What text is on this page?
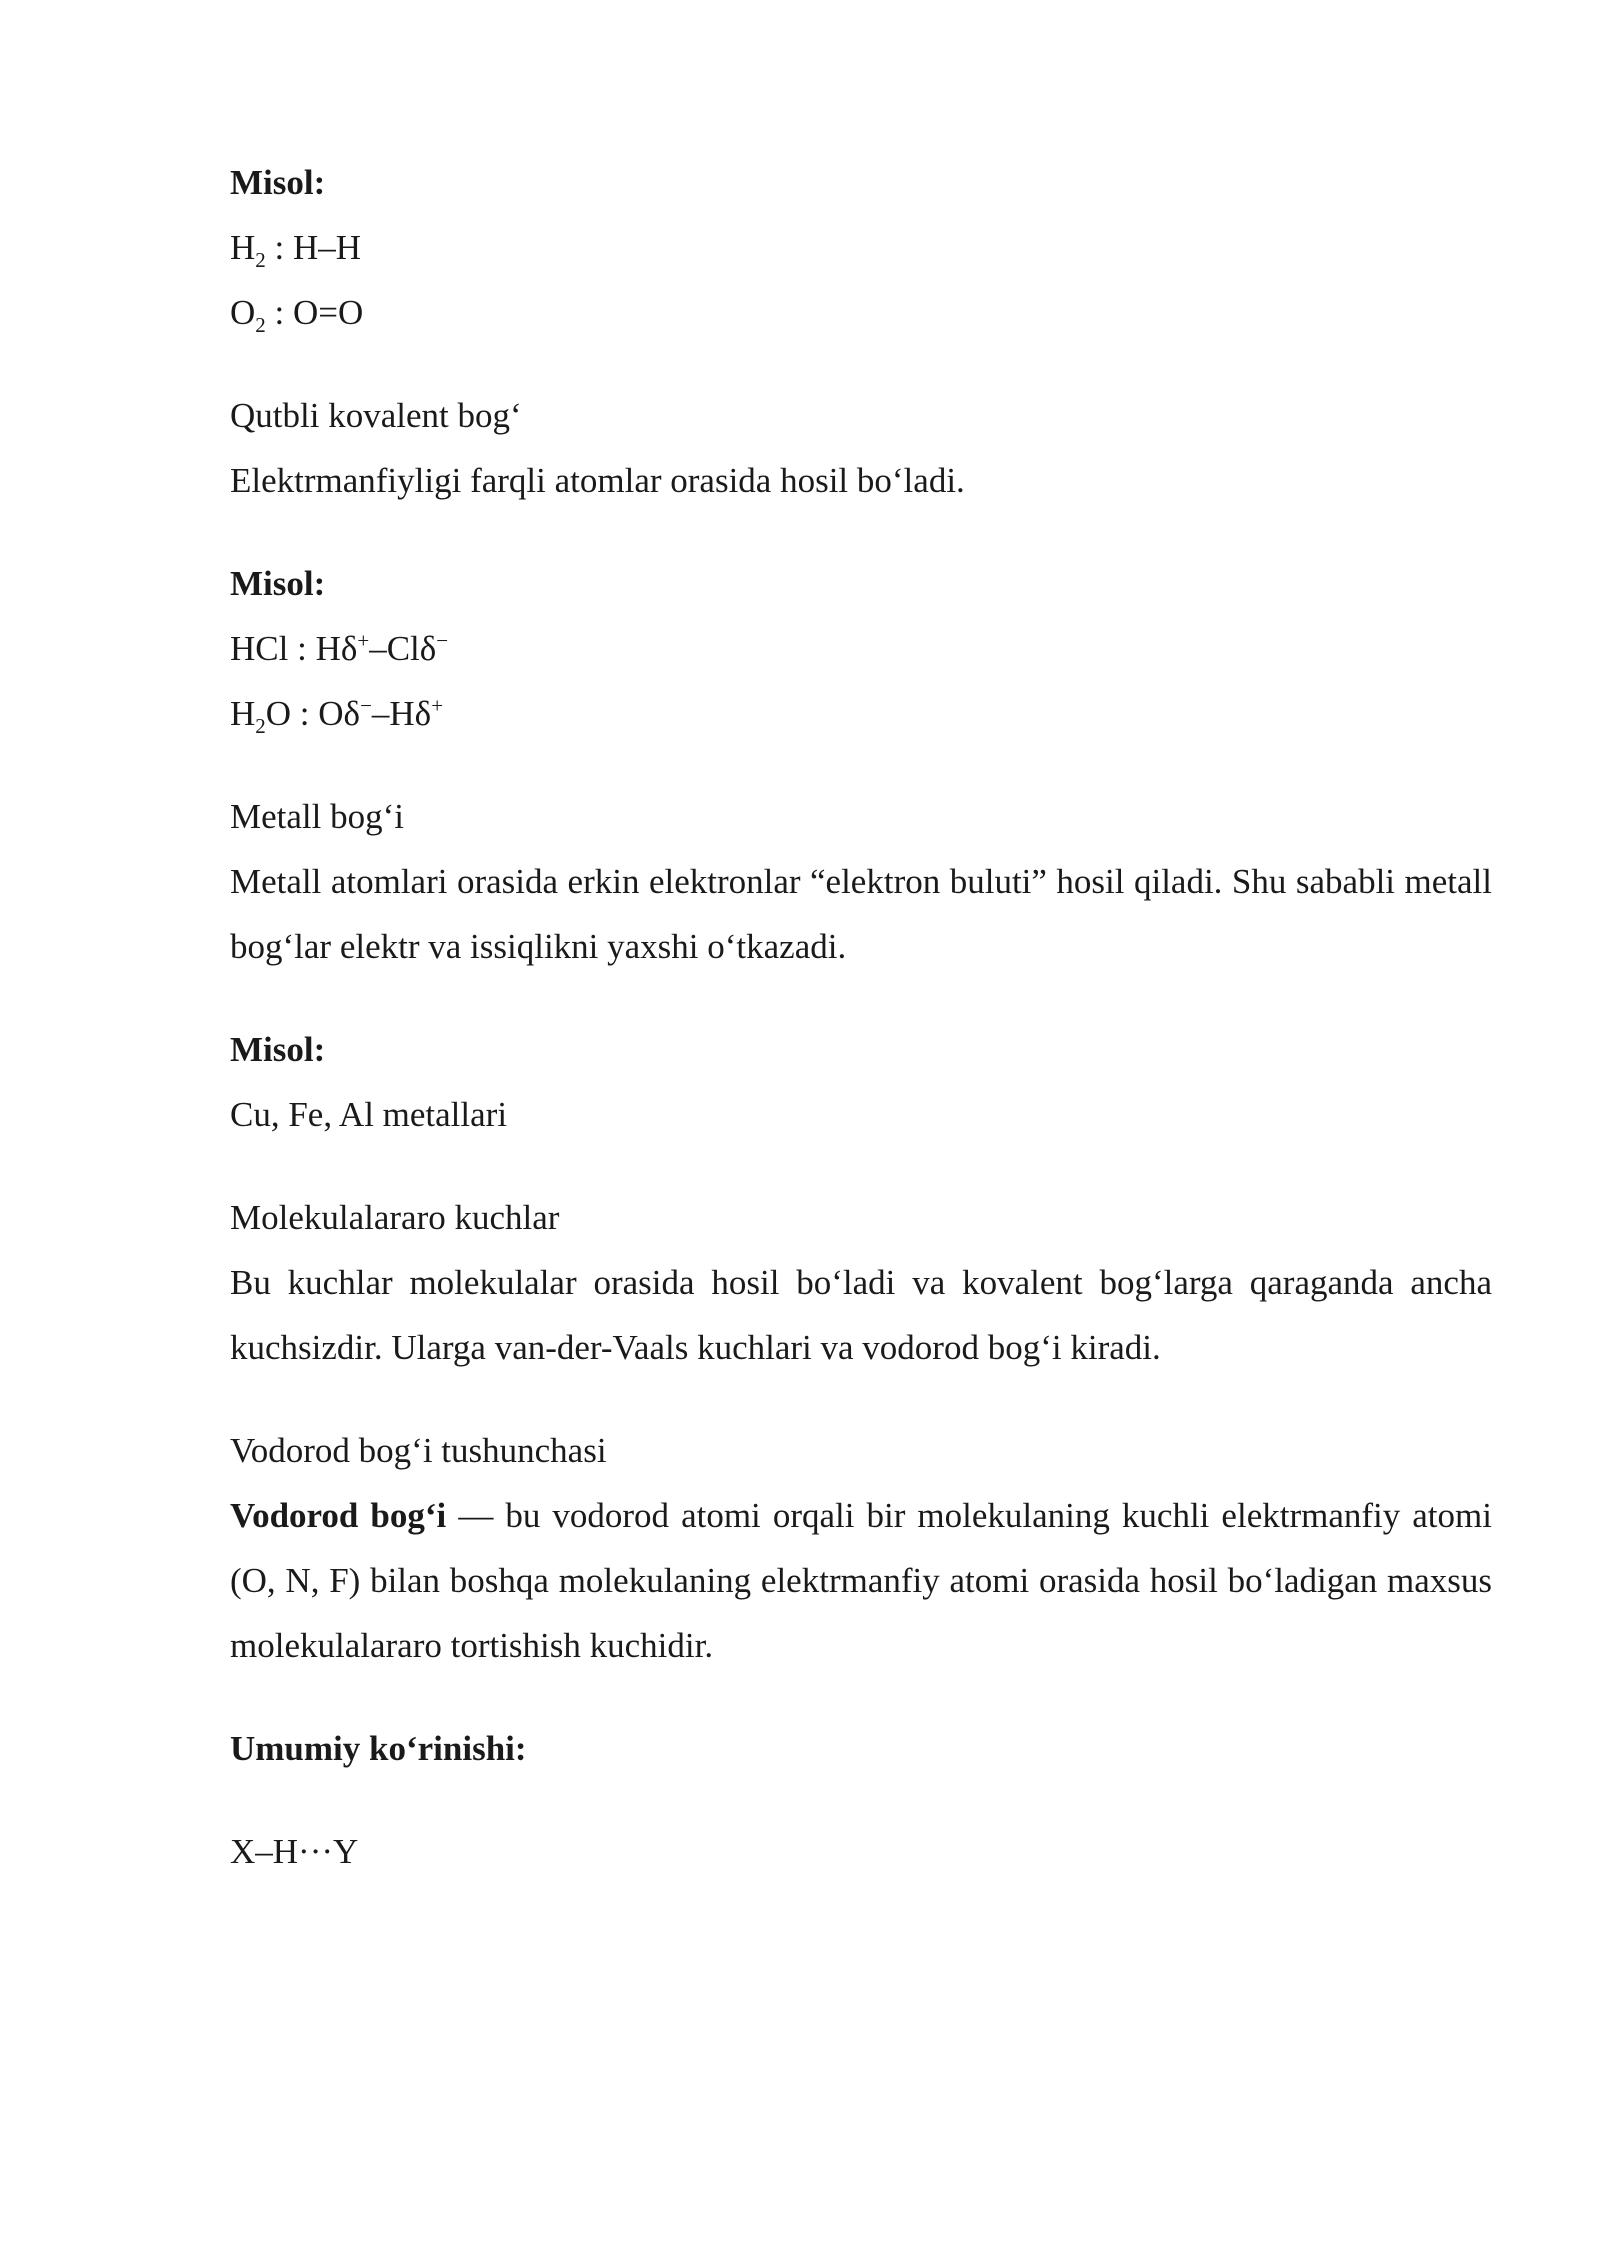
Misol:

$H_2$ : H–H

$O_2$ : O=O

Qutbli kovalent bog‘

Elektrmanfiyligi farqli atomlar orasida hosil bo‘ladi.

Misol:

HCl : Hδ+–Clδ−

$H_2O$ : Oδ−–Hδ+

Metall bog‘i

Metall atomlari orasida erkin elektronlar “elektron buluti” hosil qiladi. Shu sababli metall bog‘lar elektr va issiqlikni yaxshi o‘tkazadi.

Misol:

Cu, Fe, Al metallari

Molekulalararo kuchlar

Bu kuchlar molekulalar orasida hosil bo‘ladi va kovalent bog‘larga qaraganda ancha kuchsizdir. Ularga van-der-Vaals kuchlari va vodorod bog‘i kiradi.

Vodorod bog‘i tushunchasi

Vodorod bog‘i — bu vodorod atomi orqali bir molekulaning kuchli elektrmanfiy atomi (O, N, F) bilan boshqa molekulaning elektrmanfiy atomi orasida hosil bo‘ladigan maxsus molekulalararo tortishish kuchidir.

Umumiy ko‘rinishi:

X–H···Y
